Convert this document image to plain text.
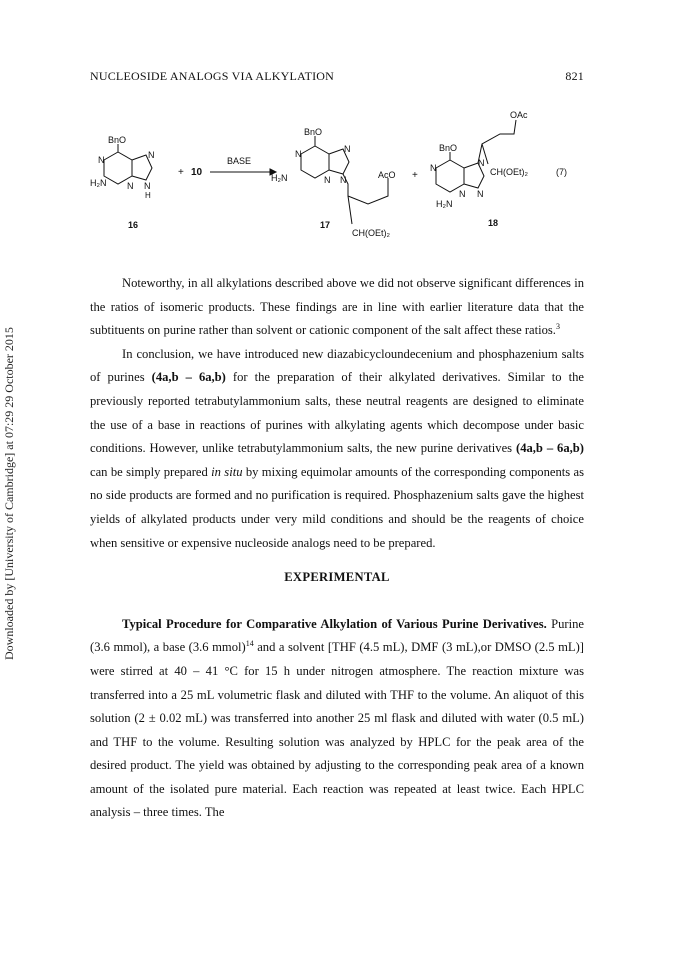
NUCLEOSIDE ANALOGS VIA ALKYLATION	821
Downloaded by [University of Cambridge] at 07:29 29 October 2015
BnO
N	N
N N
H
H₂N
16
+ 10
BASE
BnO
N	N
N N
H₂N	AcO
CH(OEt)₂
17
+
BnO
N	N
N N
H₂N
OAc
CH(OEt)₂	(7)
18

Noteworthy, in all alkylations described above we did not observe significant differences in the ratios of isomeric products. These findings are in line with earlier literature data that the subtituents on purine rather than solvent or cationic component of the salt affect these ratios.$^3$

In conclusion, we have introduced new diazabicycloundecenium and phosphazenium salts of purines (4a,b – 6a,b) for the preparation of their alkylated derivatives. Similar to the previously reported tetrabutylammonium salts, these neutral reagents are designed to eliminate the use of a base in reactions of purines with alkylating agents which decompose under basic conditions. However, unlike tetrabutylammonium salts, the new purine derivatives (4a,b – 6a,b) can be simply prepared in situ by mixing equimolar amounts of the corresponding components as no side products are formed and no purification is required. Phosphazenium salts gave the highest yields of alkylated products under very mild conditions and should be the reagents of choice when sensitive or expensive nucleoside analogs need to be prepared.

EXPERIMENTAL

Typical Procedure for Comparative Alkylation of Various Purine Derivatives. Purine (3.6 mmol), a base (3.6 mmol)$^{14}$ and a solvent [THF (4.5 mL), DMF (3 mL),or DMSO (2.5 mL)] were stirred at 40 – 41 °C for 15 h under nitrogen atmosphere. The reaction mixture was transferred into a 25 mL volumetric flask and diluted with THF to the volume. An aliquot of this solution (2 ± 0.02 mL) was transferred into another 25 ml flask and diluted with water (0.5 mL) and THF to the volume. Resulting solution was analyzed by HPLC for the peak area of the desired product. The yield was obtained by adjusting to the corresponding peak area of a known amount of the isolated pure material. Each reaction was repeated at least twice. Each HPLC analysis – three times. The
